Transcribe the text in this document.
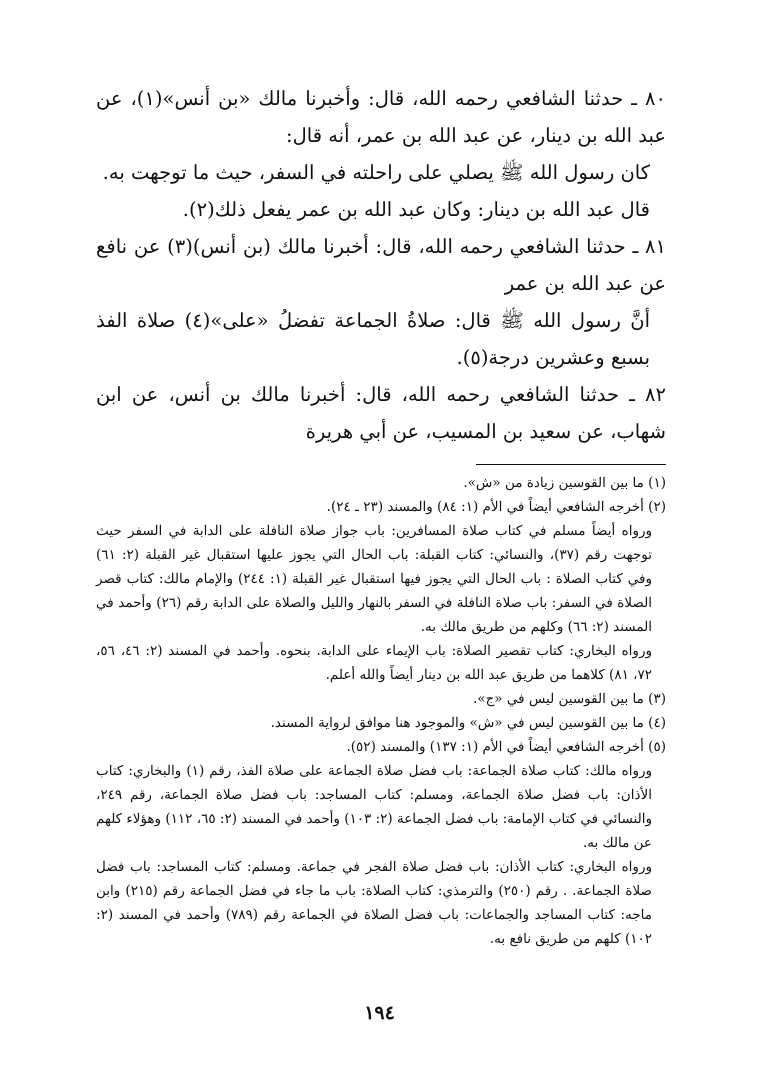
٨٠ ـ حدثنا الشافعي رحمه الله، قال: وأخبرنا مالك «بن أنس»(١)، عن عبد الله بن دينار، عن عبد الله بن عمر، أنه قال:

كان رسول الله ﷺ يصلي على راحلته في السفر، حيث ما توجهت به.

قال عبد الله بن دينار: وكان عبد الله بن عمر يفعل ذلك(٢).

٨١ ـ حدثنا الشافعي رحمه الله، قال: أخبرنا مالك (بن أنس)(٣) عن نافع عن عبد الله بن عمر

أنَّ رسول الله ﷺ قال: صلاةُ الجماعة تفضلُ «على»(٤) صلاة الفذ بسبع وعشرين درجة(٥).

٨٢ ـ حدثنا الشافعي رحمه الله، قال: أخبرنا مالك بن أنس، عن ابن شهاب، عن سعيد بن المسيب، عن أبي هريرة

(١) ما بين القوسين زيادة من «ش».

(٢) أخرجه الشافعي أيضاً في الأم (١: ٨٤) والمسند (٢٣ ـ ٢٤).

ورواه أيضاً مسلم في كتاب صلاة المسافرين: باب جواز صلاة النافلة على الدابة في السفر حيث توجهت رقم (٣٧)، والنسائي: كتاب القبلة: باب الحال التي يجوز عليها استقبال غير القبلة (٢: ٦١) وفي كتاب الصلاة : باب الحال التي يجوز فيها استقبال غير القبلة (١: ٢٤٤) والإمام مالك: كتاب قصر الصلاة في السفر: باب صلاة النافلة في السفر بالنهار والليل والصلاة على الدابة رقم (٢٦) وأحمد في المسند (٢: ٦٦) وكلهم من طريق مالك به.

ورواه البخاري: كتاب تقصير الصلاة: باب الإيماء على الدابة. بنحوه. وأحمد في المسند (٢: ٤٦، ٥٦، ٧٢، ٨١) كلاهما من طريق عبد الله بن دينار أيضاً والله أعلم.

(٣) ما بين القوسين ليس في «ج».

(٤) ما بين القوسين ليس في «ش» والموجود هنا موافق لرواية المسند.

(٥) أخرجه الشافعي أيضاً في الأم (١: ١٣٧) والمسند (٥٢).

ورواه مالك: كتاب صلاة الجماعة: باب فضل صلاة الجماعة على صلاة الفذ، رقم (١) والبخاري: كتاب الأذان: باب فضل صلاة الجماعة، ومسلم: كتاب المساجد: باب فضل صلاة الجماعة، رقم ٢٤٩، والنسائي في كتاب الإمامة: باب فضل الجماعة (٢: ١٠٣) وأحمد في المسند (٢: ٦٥، ١١٢) وهؤلاء كلهم عن مالك به.

ورواه البخاري: كتاب الأذان: باب فضل صلاة الفجر في جماعة. ومسلم: كتاب المساجد: باب فضل صلاة الجماعة. . رقم (٢٥٠) والترمذي: كتاب الصلاة: باب ما جاء في فضل الجماعة رقم (٢١٥) وابن ماجه: كتاب المساجد والجماعات: باب فضل الصلاة في الجماعة رقم (٧٨٩) وأحمد في المسند (٢: ١٠٢) كلهم من طريق نافع به.

١٩٤
